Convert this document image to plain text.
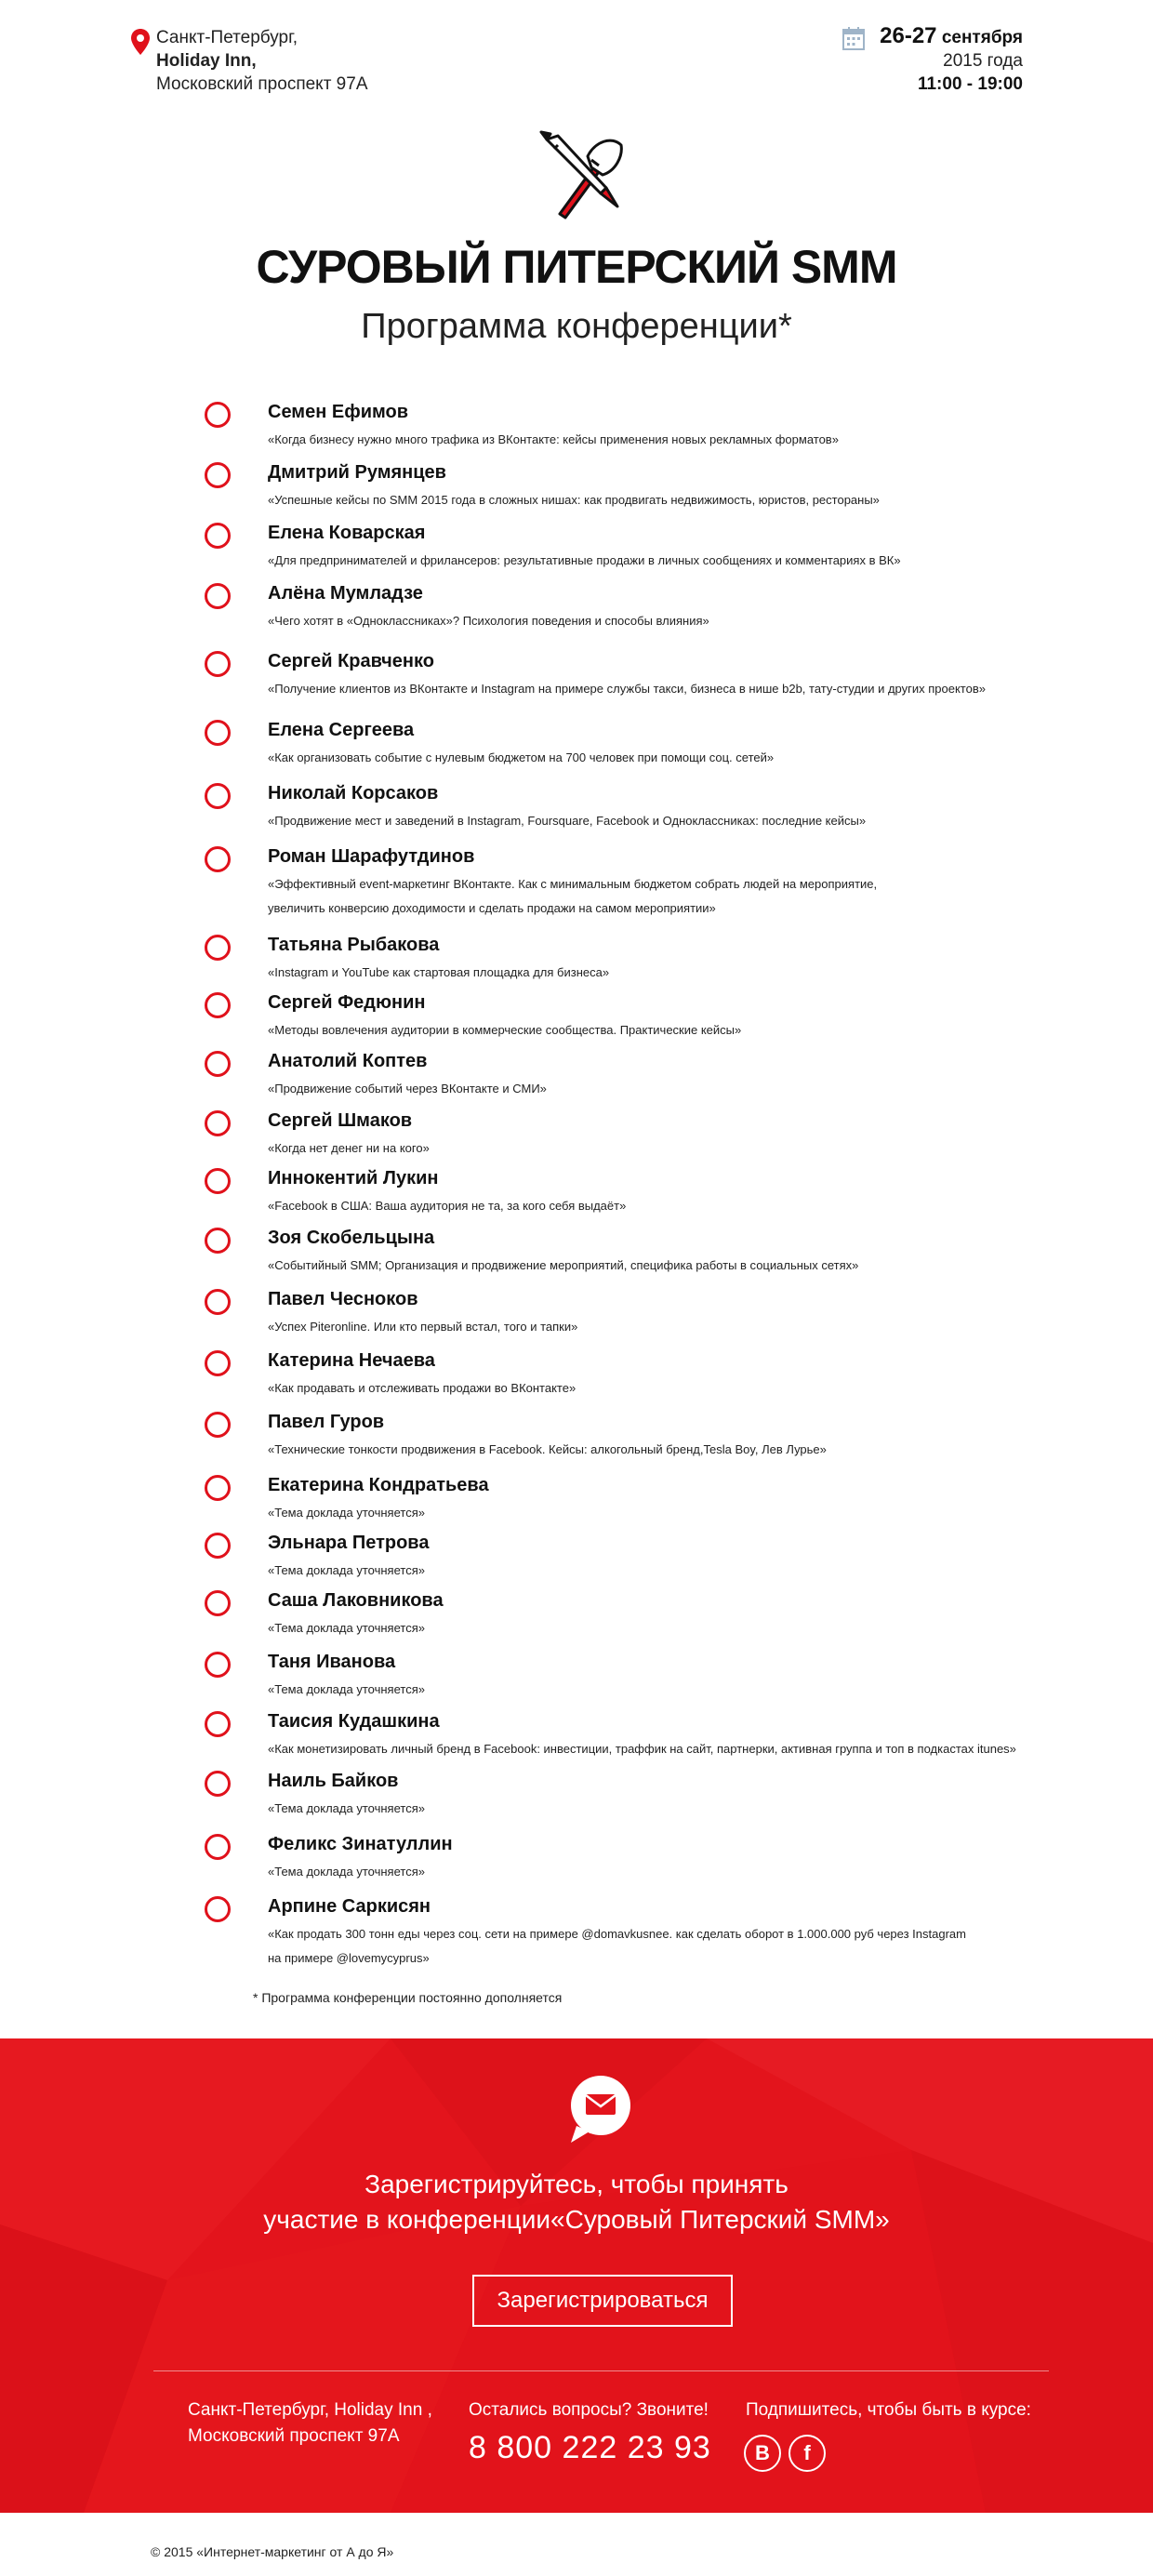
Санкт-Петербург,
Holiday Inn,
Московский проспект 97А
26-27 сентября
2015 года
11:00 - 19:00
СУРОВЫЙ ПИТЕРСКИЙ SMM
Программа конференции*
Семен Ефимов
«Когда бизнесу нужно много трафика из ВКонтакте: кейсы применения новых рекламных форматов»
Дмитрий Румянцев
«Успешные кейсы по SMM 2015 года в сложных нишах: как продвигать недвижимость, юристов, рестораны»
Елена Коварская
«Для предпринимателей и фрилансеров: результативные продажи в личных сообщениях и комментариях в ВК»
Алёна Мумладзе
«Чего хотят в «Одноклассниках»? Психология поведения и способы влияния»
Сергей Кравченко
«Получение клиентов из ВКонтакте и Instagram на примере службы такси, бизнеса в нише b2b, тату-студии и других проектов»
Елена Сергеева
«Как организовать событие с нулевым бюджетом на 700 человек при помощи соц. сетей»
Николай Корсаков
«Продвижение мест и заведений в Instagram, Foursquare, Facebook и Одноклассниках: последние кейсы»
Роман Шарафутдинов
«Эффективный event-маркетинг ВКонтакте. Как с минимальным бюджетом собрать людей на мероприятие,
увеличить конверсию доходимости и сделать продажи на самом мероприятии»
Татьяна Рыбакова
«Instagram и YouTube как стартовая площадка для бизнеса»
Сергей Федюнин
«Методы вовлечения аудитории в коммерческие сообщества. Практические кейсы»
Анатолий Коптев
«Продвижение событий через ВКонтакте и СМИ»
Сергей Шмаков
«Когда нет денег ни на кого»
Иннокентий Лукин
«Facebook в США: Ваша аудитория не та, за кого себя выдаёт»
Зоя Скобельцына
«Событийный SMM; Организация и продвижение мероприятий, специфика работы в социальных сетях»
Павел Чесноков
«Успех Piteronline. Или кто первый встал, того и тапки»
Катерина Нечаева
«Как продавать и отслеживать продажи во ВКонтакте»
Павел Гуров
«Технические тонкости продвижения в Facebook. Кейсы: алкогольный бренд,Tesla Boy, Лев Лурье»
Екатерина Кондратьева
«Тема доклада уточняется»
Эльнара Петрова
«Тема доклада уточняется»
Саша Лаковникова
«Тема доклада уточняется»
Таня Иванова
«Тема доклада уточняется»
Таисия Кудашкина
«Как монетизировать личный бренд в Facebook: инвестиции, траффик на сайт, партнерки, активная группа и топ в подкастах itunes»
Наиль Байков
«Тема доклада уточняется»
Феликс Зинатуллин
«Тема доклада уточняется»
Арпине Саркисян
«Как продать 300 тонн еды через соц. сети на примере @domavkusnee. как сделать оборот в 1.000.000 руб через Instagram
на примере @lovemycyprus»
* Программа конференции постоянно дополняется
Зарегистрируйтесь, чтобы принять
участие в конференции«Суровый Питерский SMM»
Зарегистрироваться
Санкт-Петербург, Holiday Inn ,
Московский проспект 97А
Остались вопросы? Звоните!
8 800 222 23 93
Подпишитесь, чтобы быть в курсе:
В	f
© 2015 «Интернет-маркетинг от А до Я»
